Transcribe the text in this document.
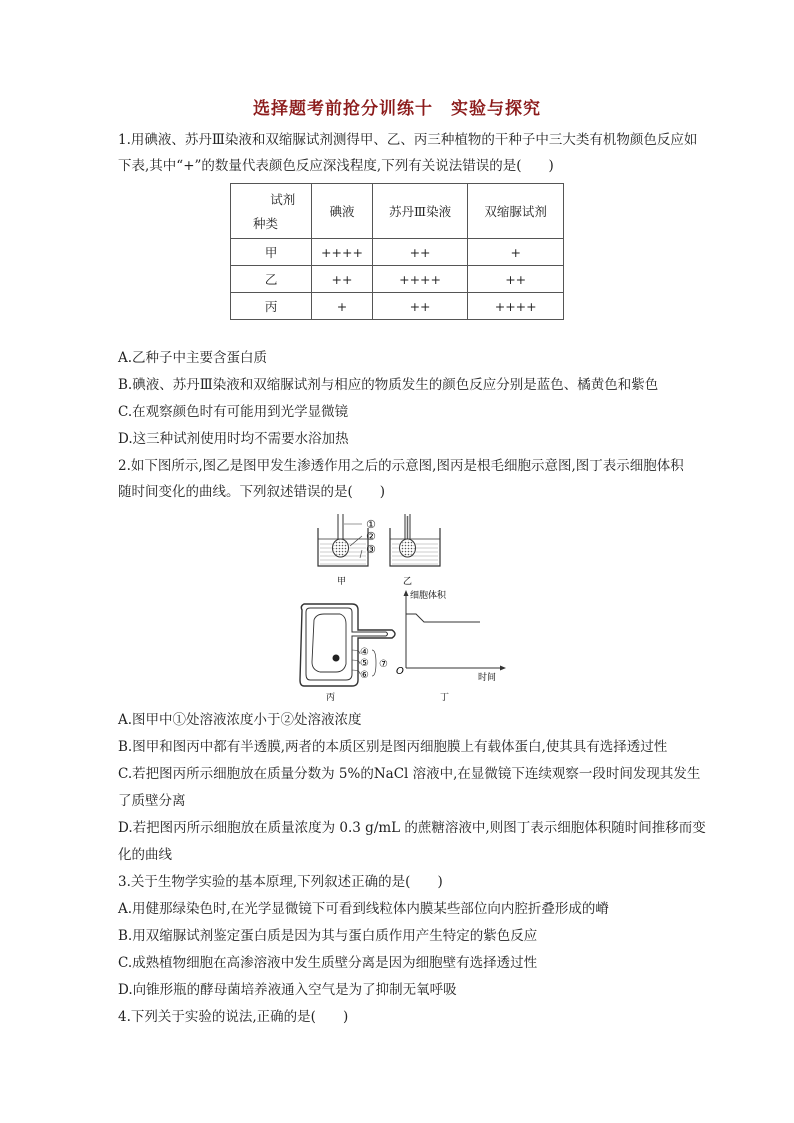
选择题考前抢分训练十　实验与探究
1.用碘液、苏丹Ⅲ染液和双缩脲试剂测得甲、乙、丙三种植物的干种子中三大类有机物颜色反应如
下表,其中“+”的数量代表颜色反应深浅程度,下列有关说法错误的是(　　)
试剂
种类	碘液	苏丹Ⅲ染液	双缩脲试剂
甲	++++	++	+
乙	++	++++	++
丙	+	++	++++
A.乙种子中主要含蛋白质
B.碘液、苏丹Ⅲ染液和双缩脲试剂与相应的物质发生的颜色反应分别是蓝色、橘黄色和紫色
C.在观察颜色时有可能用到光学显微镜
D.这三种试剂使用时均不需要水浴加热
2.如下图所示,图乙是图甲发生渗透作用之后的示意图,图丙是根毛细胞示意图,图丁表示细胞体积
随时间变化的曲线。下列叙述错误的是(　　)
①
②
③
甲	乙
④
⑤
⑥
⑦
丙
细胞体积
时间
O
丁
A.图甲中①处溶液浓度小于②处溶液浓度
B.图甲和图丙中都有半透膜,两者的本质区别是图丙细胞膜上有载体蛋白,使其具有选择透过性
C.若把图丙所示细胞放在质量分数为 5%的NaCl 溶液中,在显微镜下连续观察一段时间发现其发生
了质壁分离
D.若把图丙所示细胞放在质量浓度为 0.3 g/mL 的蔗糖溶液中,则图丁表示细胞体积随时间推移而变
化的曲线
3.关于生物学实验的基本原理,下列叙述正确的是(　　)
A.用健那绿染色时,在光学显微镜下可看到线粒体内膜某些部位向内腔折叠形成的嵴
B.用双缩脲试剂鉴定蛋白质是因为其与蛋白质作用产生特定的紫色反应
C.成熟植物细胞在高渗溶液中发生质壁分离是因为细胞壁有选择透过性
D.向锥形瓶的酵母菌培养液通入空气是为了抑制无氧呼吸
4.下列关于实验的说法,正确的是(　　)
